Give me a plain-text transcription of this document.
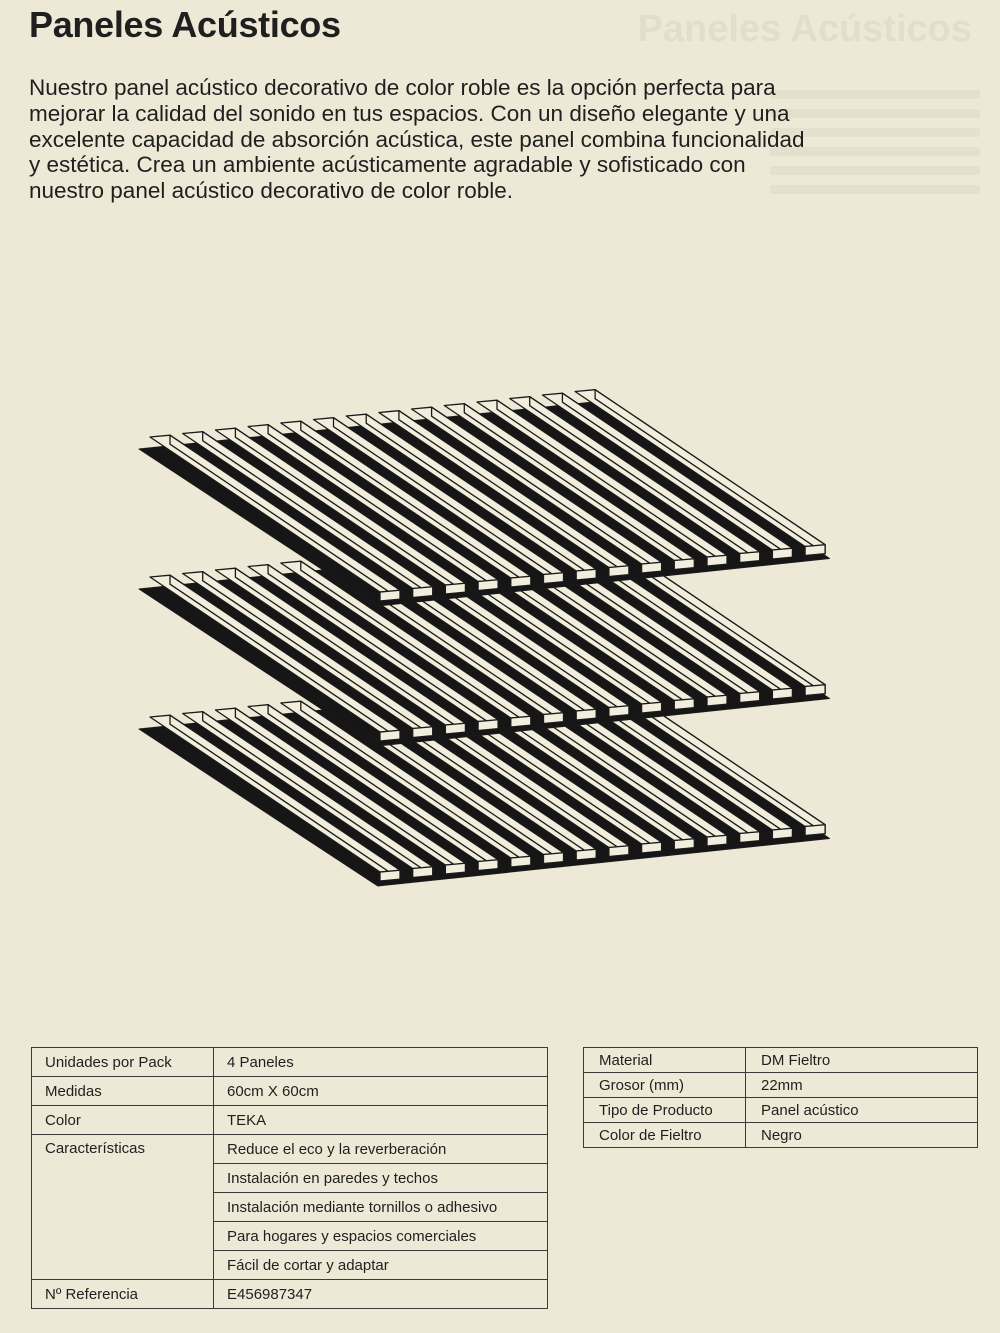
Paneles Acústicos

Nuestro panel acústico decorativo de color roble es la opción perfecta para mejorar la calidad del sonido en tus espacios. Con un diseño elegante y una excelente capacidad de absorción acústica, este panel combina funcionalidad y estética. Crea un ambiente acústicamente agradable y sofisticado con nuestro panel acústico decorativo de color roble.

Unidades por Pack	4 Paneles
Medidas	60cm X 60cm
Color	TEKA
Características	Reduce el eco y la reverberación
	Instalación en paredes y techos
	Instalación mediante tornillos o adhesivo
	Para hogares y espacios comerciales
	Fácil de cortar y adaptar
Nº Referencia	E456987347
Material	DM Fieltro
Grosor (mm)	22mm
Tipo de Producto	Panel acústico
Color de Fieltro	Negro
